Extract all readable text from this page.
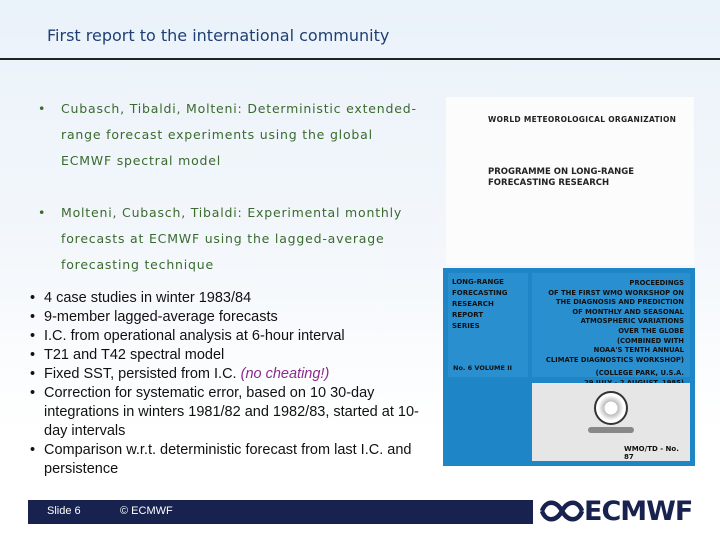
First report to the international community
• Cubasch, Tibaldi, Molteni: Deterministic extended-range forecast experiments using the global ECMWF spectral model
• Molteni, Cubasch, Tibaldi: Experimental monthly forecasts at ECMWF using the lagged-average forecasting technique
• 4 case studies in winter 1983/84
• 9-member lagged-average forecasts
• I.C. from operational analysis at 6-hour interval
• T21 and T42 spectral model
• Fixed SST, persisted from I.C. (no cheating!)
• Correction for systematic error, based on 10 30-day integrations in winters 1981/82 and 1982/83, started at 10-day intervals
• Comparison w.r.t. deterministic forecast from last I.C. and persistence
WORLD METEOROLOGICAL ORGANIZATION
PROGRAMME ON LONG-RANGE
FORECASTING RESEARCH
LONG-RANGE
FORECASTING
RESEARCH
REPORT
SERIES
No. 6 VOLUME II
PROCEEDINGS
OF THE FIRST WMO WORKSHOP ON
THE DIAGNOSIS AND PREDICTION
OF MONTHLY AND SEASONAL
ATMOSPHERIC VARIATIONS
OVER THE GLOBE
(COMBINED WITH
NOAA'S TENTH ANNUAL
CLIMATE DIAGNOSTICS WORKSHOP)
(COLLEGE PARK, U.S.A.
WMO/TD - No. 87
Slide 6	© ECMWF	ECMWF
